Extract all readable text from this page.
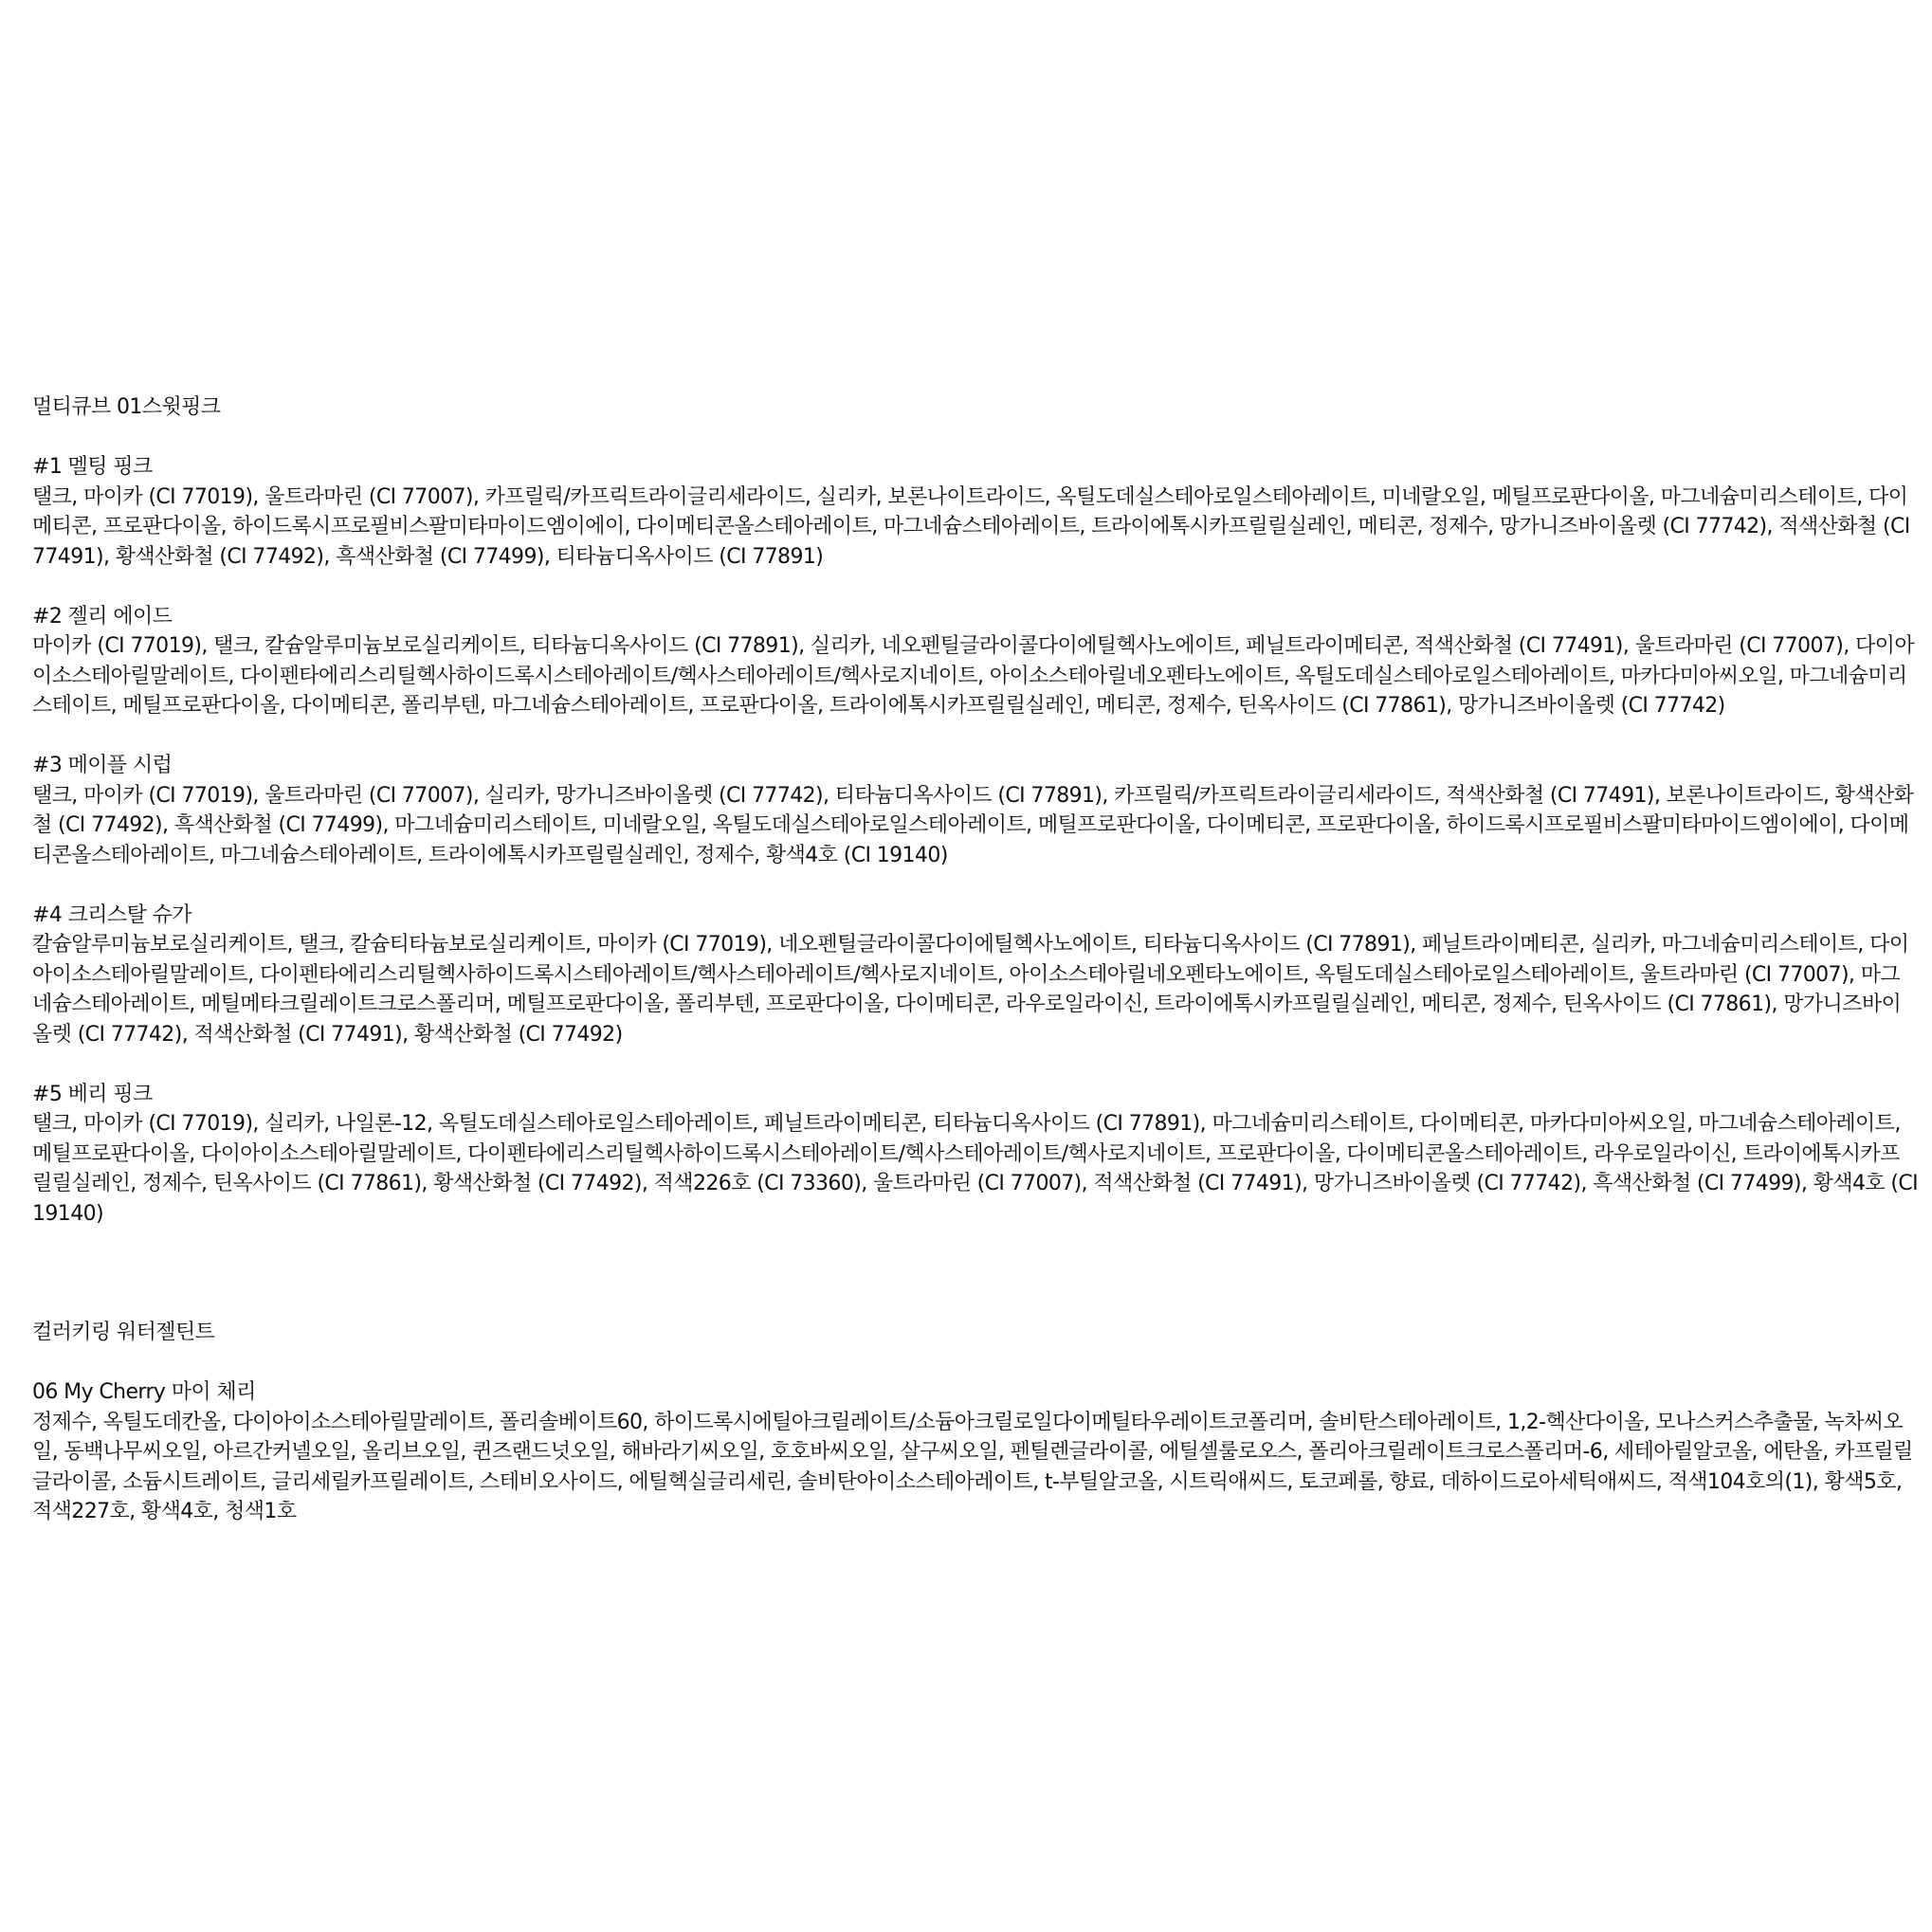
멀티큐브 01스윗핑크
#1 멜팅 핑크
탤크, 마이카 (CI 77019), 울트라마린 (CI 77007), 카프릴릭/카프릭트라이글리세라이드, 실리카, 보론나이트라이드, 옥틸도데실스테아로일스테아레이트, 미네랄오일, 메틸프로판다이올, 마그네슘미리스테이트, 다이메티콘, 프로판다이올, 하이드록시프로필비스팔미타마이드엠이에이, 다이메티콘올스테아레이트, 마그네슘스테아레이트, 트라이에톡시카프릴릴실레인, 메티콘, 정제수, 망가니즈바이올렛 (CI 77742), 적색산화철 (CI 77491), 황색산화철 (CI 77492), 흑색산화철 (CI 77499), 티타늄디옥사이드 (CI 77891)
#2 젤리 에이드
마이카 (CI 77019), 탤크, 칼슘알루미늄보로실리케이트, 티타늄디옥사이드 (CI 77891), 실리카, 네오펜틸글라이콜다이에틸헥사노에이트, 페닐트라이메티콘, 적색산화철 (CI 77491), 울트라마린 (CI 77007), 다이아이소스테아릴말레이트, 다이펜타에리스리틸헥사하이드록시스테아레이트/헥사스테아레이트/헥사로지네이트, 아이소스테아릴네오펜타노에이트, 옥틸도데실스테아로일스테아레이트, 마카다미아씨오일, 마그네슘미리스테이트, 메틸프로판다이올, 다이메티콘, 폴리부텐, 마그네슘스테아레이트, 프로판다이올, 트라이에톡시카프릴릴실레인, 메티콘, 정제수, 틴옥사이드 (CI 77861), 망가니즈바이올렛 (CI 77742)
#3 메이플 시럽
탤크, 마이카 (CI 77019), 울트라마린 (CI 77007), 실리카, 망가니즈바이올렛 (CI 77742), 티타늄디옥사이드 (CI 77891), 카프릴릭/카프릭트라이글리세라이드, 적색산화철 (CI 77491), 보론나이트라이드, 황색산화철 (CI 77492), 흑색산화철 (CI 77499), 마그네슘미리스테이트, 미네랄오일, 옥틸도데실스테아로일스테아레이트, 메틸프로판다이올, 다이메티콘, 프로판다이올, 하이드록시프로필비스팔미타마이드엠이에이, 다이메티콘올스테아레이트, 마그네슘스테아레이트, 트라이에톡시카프릴릴실레인, 정제수, 황색4호 (CI 19140)
#4 크리스탈 슈가
칼슘알루미늄보로실리케이트, 탤크, 칼슘티타늄보로실리케이트, 마이카 (CI 77019), 네오펜틸글라이콜다이에틸헥사노에이트, 티타늄디옥사이드 (CI 77891), 페닐트라이메티콘, 실리카, 마그네슘미리스테이트, 다이아이소스테아릴말레이트, 다이펜타에리스리틸헥사하이드록시스테아레이트/헥사스테아레이트/헥사로지네이트, 아이소스테아릴네오펜타노에이트, 옥틸도데실스테아로일스테아레이트, 울트라마린 (CI 77007), 마그네슘스테아레이트, 메틸메타크릴레이트크로스폴리머, 메틸프로판다이올, 폴리부텐, 프로판다이올, 다이메티콘, 라우로일라이신, 트라이에톡시카프릴릴실레인, 메티콘, 정제수, 틴옥사이드 (CI 77861), 망가니즈바이올렛 (CI 77742), 적색산화철 (CI 77491), 황색산화철 (CI 77492)
#5 베리 핑크
탤크, 마이카 (CI 77019), 실리카, 나일론-12, 옥틸도데실스테아로일스테아레이트, 페닐트라이메티콘, 티타늄디옥사이드 (CI 77891), 마그네슘미리스테이트, 다이메티콘, 마카다미아씨오일, 마그네슘스테아레이트, 메틸프로판다이올, 다이아이소스테아릴말레이트, 다이펜타에리스리틸헥사하이드록시스테아레이트/헥사스테아레이트/헥사로지네이트, 프로판다이올, 다이메티콘올스테아레이트, 라우로일라이신, 트라이에톡시카프릴릴실레인, 정제수, 틴옥사이드 (CI 77861), 황색산화철 (CI 77492), 적색226호 (CI 73360), 울트라마린 (CI 77007), 적색산화철 (CI 77491), 망가니즈바이올렛 (CI 77742), 흑색산화철 (CI 77499), 황색4호 (CI 19140)
컬러키링 워터젤틴트
06 My Cherry 마이 체리
정제수, 옥틸도데칸올, 다이아이소스테아릴말레이트, 폴리솔베이트60, 하이드록시에틸아크릴레이트/소듐아크릴로일다이메틸타우레이트코폴리머, 솔비탄스테아레이트, 1,2-헥산다이올, 모나스커스추출물, 녹차씨오일, 동백나무씨오일, 아르간커넬오일, 올리브오일, 퀸즈랜드넛오일, 해바라기씨오일, 호호바씨오일, 살구씨오일, 펜틸렌글라이콜, 에틸셀룰로오스, 폴리아크릴레이트크로스폴리머-6, 세테아릴알코올, 에탄올, 카프릴릴글라이콜, 소듐시트레이트, 글리세릴카프릴레이트, 스테비오사이드, 에틸헥실글리세린, 솔비탄아이소스테아레이트, t-부틸알코올, 시트릭애씨드, 토코페롤, 향료, 데하이드로아세틱애씨드, 적색104호의(1), 황색5호, 적색227호, 황색4호, 청색1호
